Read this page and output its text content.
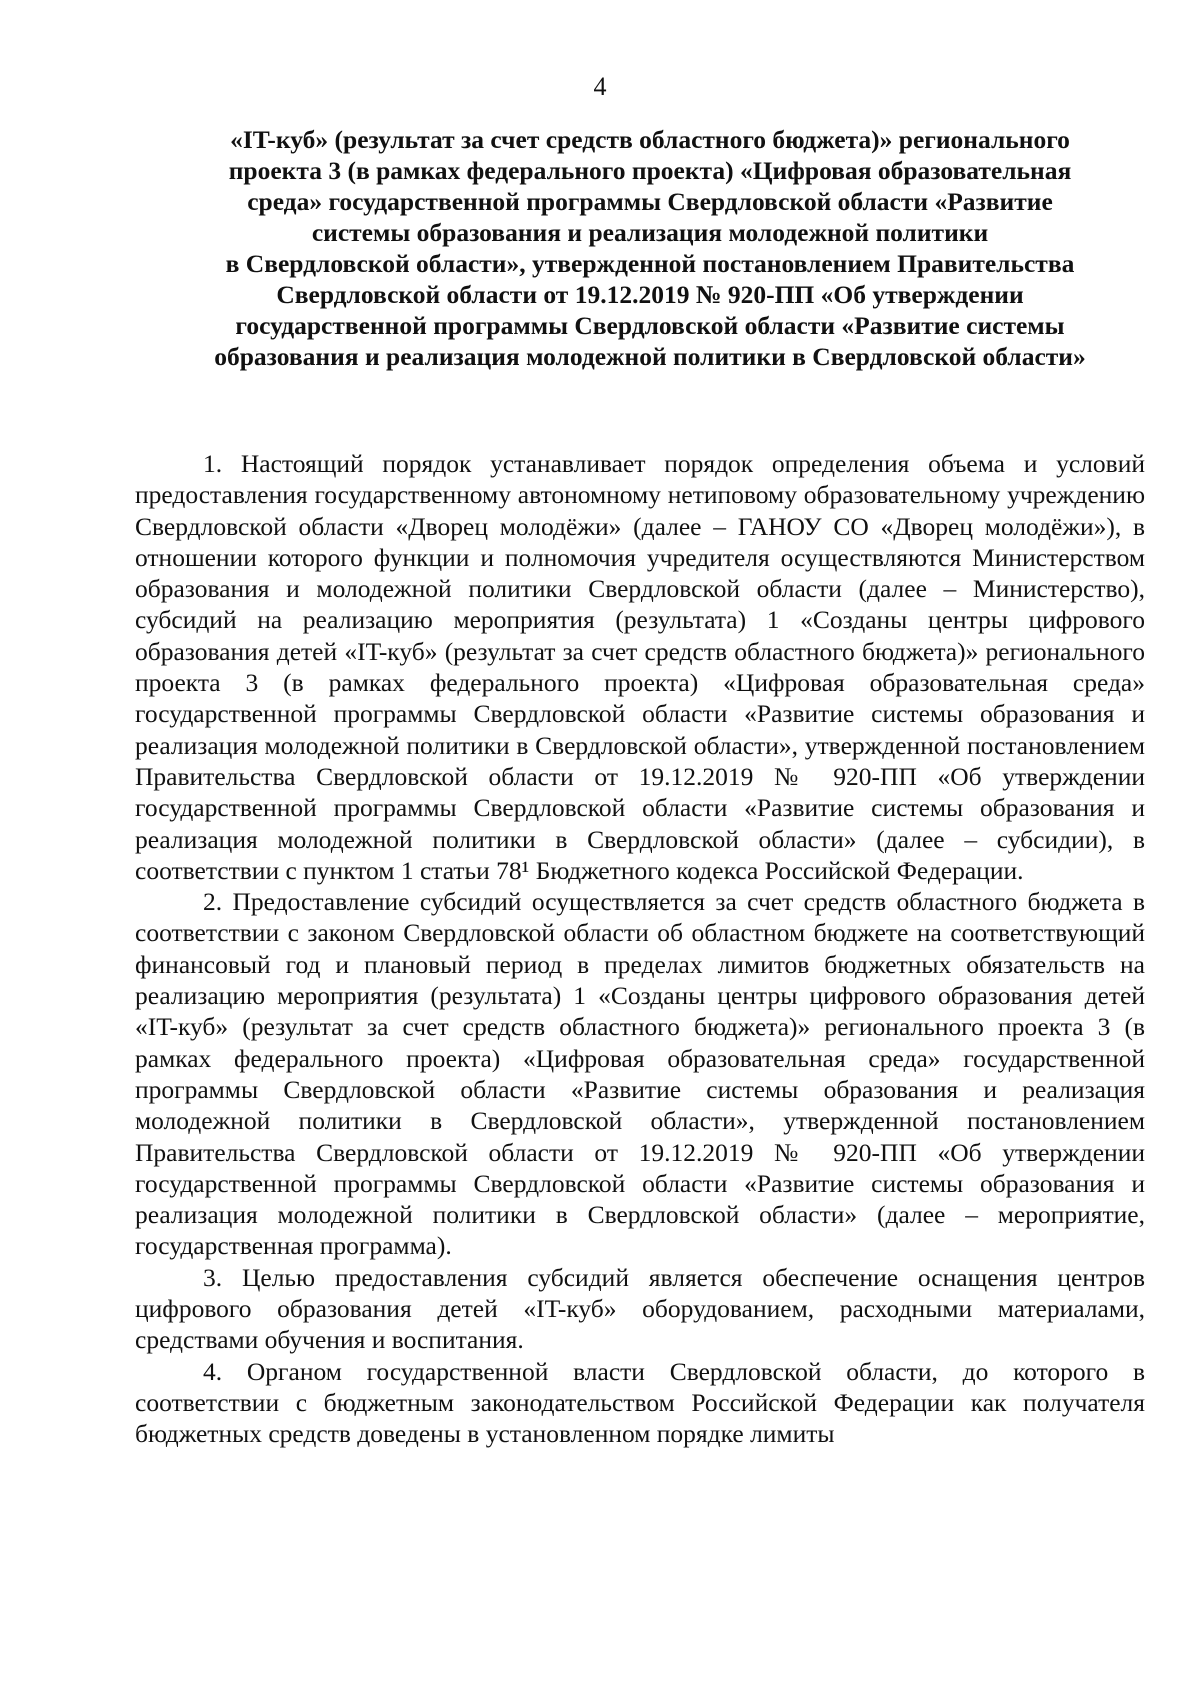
4
«IT-куб» (результат за счет средств областного бюджета)» регионального
проекта 3 (в рамках федерального проекта) «Цифровая образовательная
среда» государственной программы Свердловской области «Развитие
системы образования и реализация молодежной политики
в Свердловской области», утвержденной постановлением Правительства
Свердловской области от 19.12.2019 № 920-ПП «Об утверждении
государственной программы Свердловской области «Развитие системы
образования и реализация молодежной политики в Свердловской области»

1. Настоящий порядок устанавливает порядок определения объема и условий предоставления государственному автономному нетиповому образовательному учреждению Свердловской области «Дворец молодёжи» (далее – ГАНОУ СО «Дворец молодёжи»), в отношении которого функции и полномочия учредителя осуществляются Министерством образования и молодежной политики Свердловской области (далее – Министерство), субсидий на реализацию мероприятия (результата) 1 «Созданы центры цифрового образования детей «IT-куб» (результат за счет средств областного бюджета)» регионального проекта 3 (в рамках федерального проекта) «Цифровая образовательная среда» государственной программы Свердловской области «Развитие системы образования и реализация молодежной политики в Свердловской области», утвержденной постановлением Правительства Свердловской области от 19.12.2019 № 920-ПП «Об утверждении государственной программы Свердловской области «Развитие системы образования и реализация молодежной политики в Свердловской области» (далее – субсидии), в соответствии с пунктом 1 статьи 78¹ Бюджетного кодекса Российской Федерации.

2. Предоставление субсидий осуществляется за счет средств областного бюджета в соответствии с законом Свердловской области об областном бюджете на соответствующий финансовый год и плановый период в пределах лимитов бюджетных обязательств на реализацию мероприятия (результата) 1 «Созданы центры цифрового образования детей «IT-куб» (результат за счет средств областного бюджета)» регионального проекта 3 (в рамках федерального проекта) «Цифровая образовательная среда» государственной программы Свердловской области «Развитие системы образования и реализация молодежной политики в Свердловской области», утвержденной постановлением Правительства Свердловской области от 19.12.2019 № 920-ПП «Об утверждении государственной программы Свердловской области «Развитие системы образования и реализация молодежной политики в Свердловской области» (далее – мероприятие, государственная программа).

3. Целью предоставления субсидий является обеспечение оснащения центров цифрового образования детей «IT-куб» оборудованием, расходными материалами, средствами обучения и воспитания.

4. Органом государственной власти Свердловской области, до которого в соответствии с бюджетным законодательством Российской Федерации как получателя бюджетных средств доведены в установленном порядке лимиты
